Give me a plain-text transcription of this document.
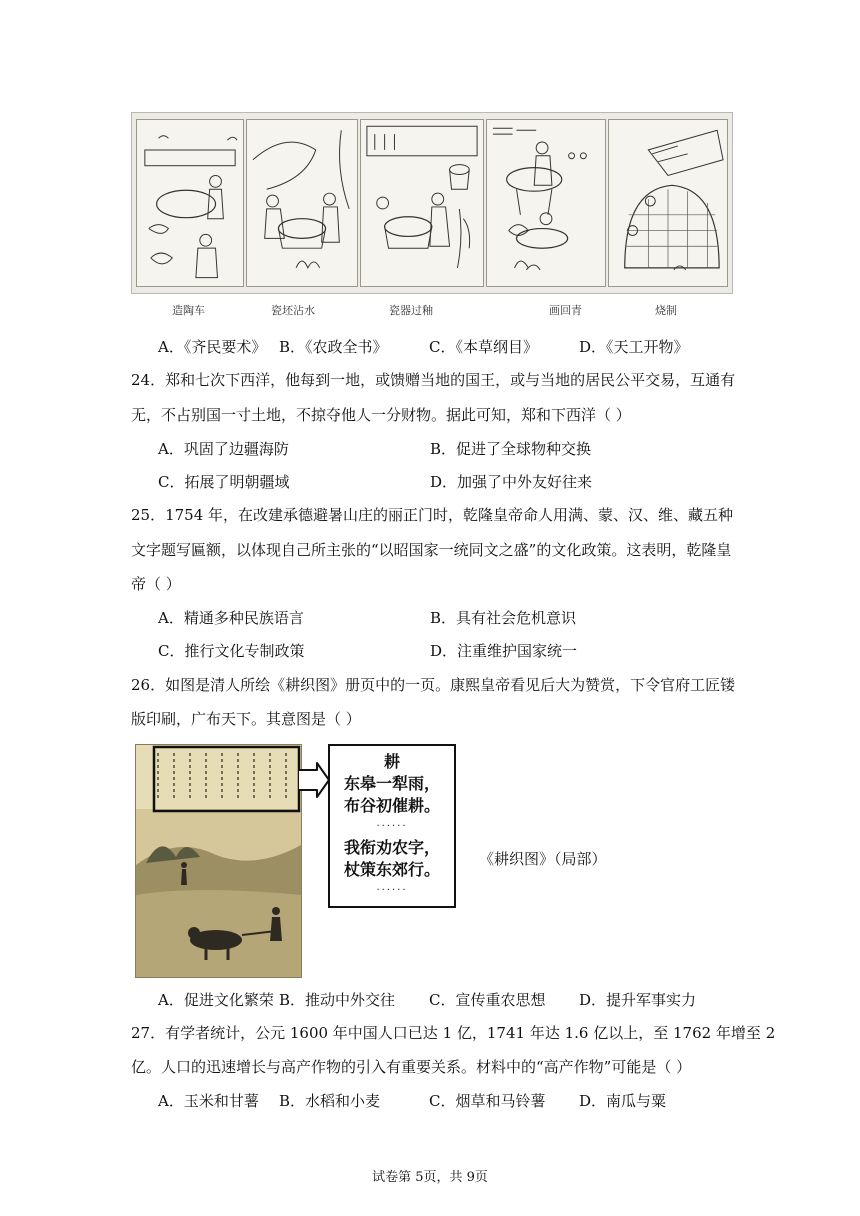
造陶车	瓷坯沾水	瓷器过釉	画回青	烧制
A．《齐民要术》 B．《农政全书》	C．《本草纲目》	D．《天工开物》
24．郑和七次下西洋，他每到一地，或馈赠当地的国王，或与当地的居民公平交易，互通有
无，不占别国一寸土地，不掠夺他人一分财物。据此可知，郑和下西洋（ ）
A．巩固了边疆海防	B．促进了全球物种交换
C．拓展了明朝疆域	D．加强了中外友好往来
25．1754 年，在改建承德避暑山庄的丽正门时，乾隆皇帝命人用满、蒙、汉、维、藏五种
文字题写匾额，以体现自己所主张的“以昭国家一统同文之盛”的文化政策。这表明，乾隆皇
帝（ ）
A．精通多种民族语言	B．具有社会危机意识
C．推行文化专制政策	D．注重维护国家统一
26．如图是清人所绘《耕织图》册页中的一页。康熙皇帝看见后大为赞赏，下令官府工匠镂
版印刷，广布天下。其意图是（ ）
耕
东皋一犁雨，
布谷初催耕。
······
我衔劝农字，
杖策东郊行。
······
《耕织图》（局部）
A．促进文化繁荣 B．推动中外交往 C．宣传重农思想 D．提升军事实力
27．有学者统计，公元 1600 年中国人口已达 1 亿，1741 年达 1.6 亿以上，至 1762 年增至 2
亿。人口的迅速增长与高产作物的引入有重要关系。材料中的“高产作物”可能是（ ）
A．玉米和甘薯 B．水稻和小麦	C．烟草和马铃薯 D．南瓜与粟
试卷第 5页，共 9页
